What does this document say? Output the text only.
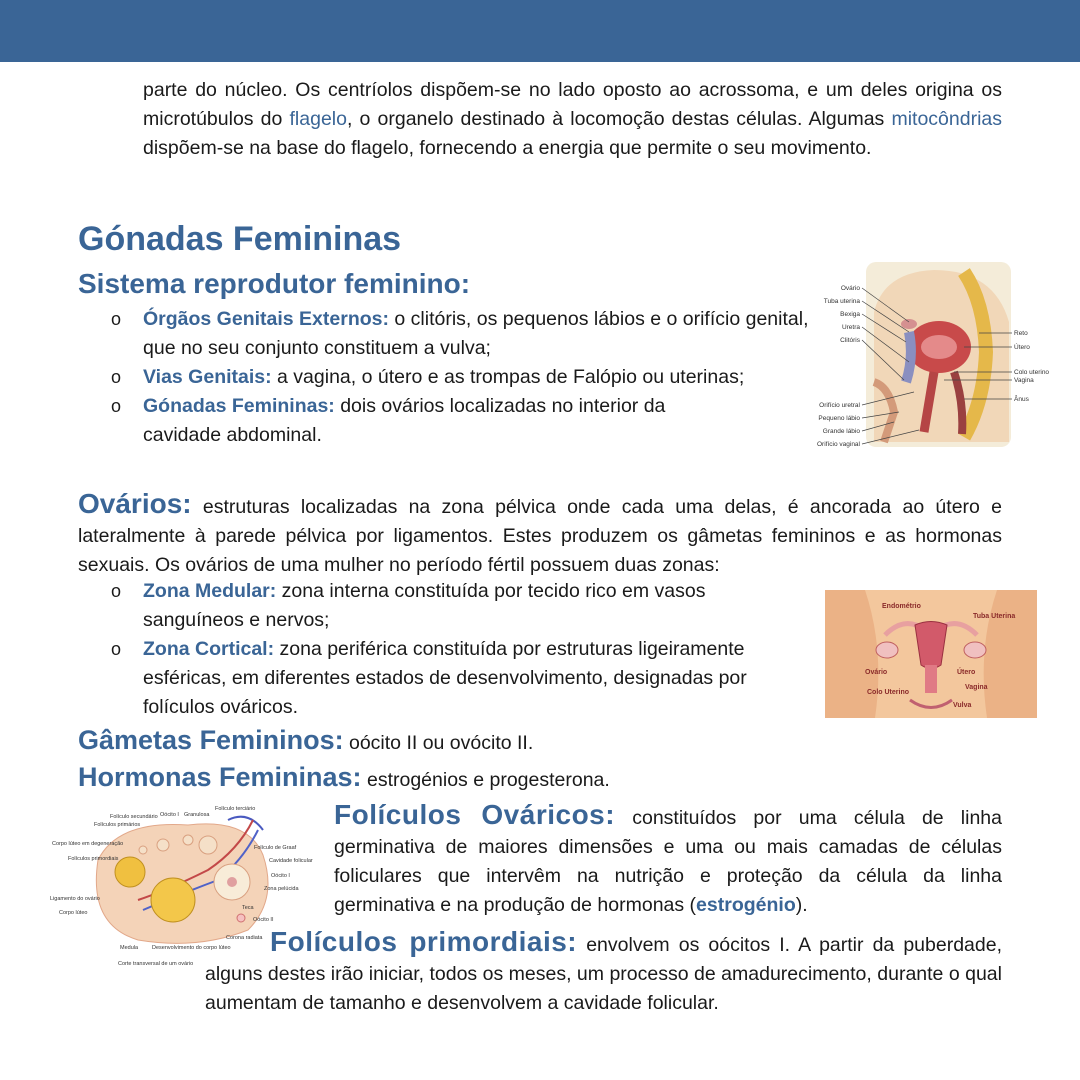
parte do núcleo. Os centríolos dispõem-se no lado oposto ao acrossoma, e um deles origina os microtúbulos do flagelo, o organelo destinado à locomoção destas células. Algumas mitocôndrias dispõem-se na base do flagelo, fornecendo a energia que permite o seu movimento.

Gónadas Femininas
Sistema reprodutor feminino:
o Órgãos Genitais Externos: o clitóris, os pequenos lábios e o orifício genital, que no seu conjunto constituem a vulva;
o Vias Genitais: a vagina, o útero e as trompas de Falópio ou uterinas;
o Gónadas Femininas: dois ovários localizadas no interior da cavidade abdominal.
Ovário
Tuba uterina
Bexiga
Uretra
Clitóris
Orifício uretral
Pequeno lábio
Grande lábio
Orifício vaginal
Reto
Útero
Colo uterino
Vagina
Ânus

Ovários: estruturas localizadas na zona pélvica onde cada uma delas, é ancorada ao útero e lateralmente à parede pélvica por ligamentos. Estes produzem os gâmetas femininos e as hormonas sexuais. Os ovários de uma mulher no período fértil possuem duas zonas:

o Zona Medular: zona interna constituída por tecido rico em vasos sanguíneos e nervos;
o Zona Cortical: zona periférica constituída por estruturas ligeiramente esféricas, em diferentes estados de desenvolvimento, designadas por folículos ováricos.
Endométrio
Tuba Uterina
Ovário	Útero
Colo Uterino
Vagina
Vulva
Gâmetas Femininos: oócito II ou ovócito II.
Hormonas Femininas: estrogénios e progesterona.
Folículo secundário Oócito I Granulosa
Folículo terciário
Folículos primários
Corpo lúteo em degeneração
Folículo de Graaf
Folículos primordiais	Cavidade folicular
Oócito I
Zona pelúcida
Ligamento do ovário
Corpo lúteo
Teca
Oócito II
Corona radiata
Medula	Desenvolvimento do corpo lúteo
Corte transversal de um ovário

Folículos Ováricos: constituídos por uma célula de linha germinativa de maiores dimensões e uma ou mais camadas de células foliculares que intervêm na nutrição e proteção da célula da linha germinativa e na produção de hormonas (estrogénio).

Folículos primordiais: envolvem os oócitos I. A partir da puberdade, alguns destes irão iniciar, todos os meses, um processo de amadurecimento, durante o qual aumentam de tamanho e desenvolvem a cavidade folicular.
